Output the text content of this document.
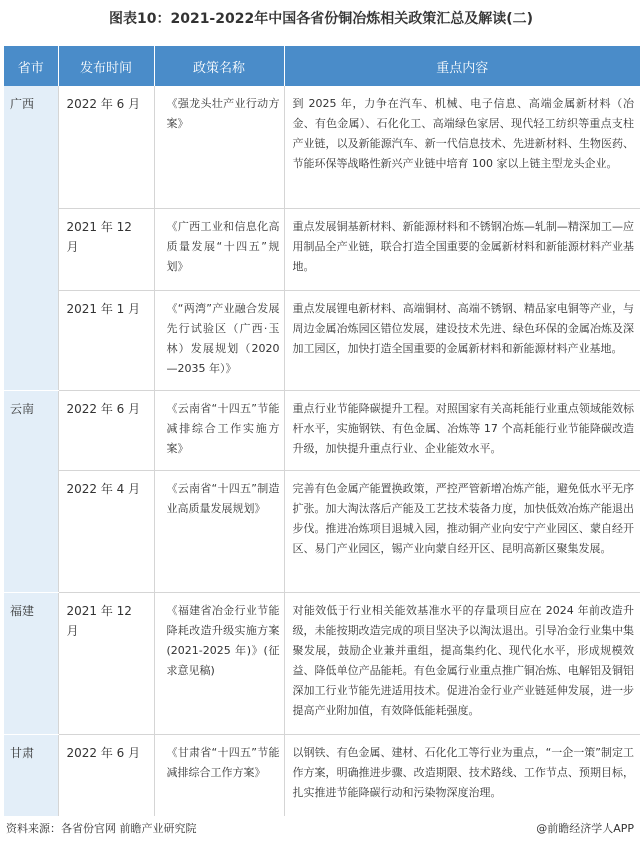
图表10：2021-2022年中国各省份铜冶炼相关政策汇总及解读(二)
省市	发布时间	政策名称	重点内容
广西	2022 年 6 月	《强龙头壮产业行动方案》	到 2025 年，力争在汽车、机械、电子信息、高端金属新材料（冶金、有色金属）、石化化工、高端绿色家居、现代轻工纺织等重点支柱产业链，以及新能源汽车、新一代信息技术、先进新材料、生物医药、节能环保等战略性新兴产业链中培育 100 家以上链主型龙头企业。
	2021 年 12 月	《广西工业和信息化高质量发展“十四五”规划》	重点发展铜基新材料、新能源材料和不锈钢冶炼—轧制—精深加工—应用制品全产业链，联合打造全国重要的金属新材料和新能源材料产业基地。
	2021 年 1 月	《“两湾”产业融合发展先行试验区（广西·玉林）发展规划（2020—2035 年）》	重点发展锂电新材料、高端铜材、高端不锈钢、精品家电铜等产业，与周边金属冶炼园区错位发展，建设技术先进、绿色环保的金属冶炼及深加工园区，加快打造全国重要的金属新材料和新能源材料产业基地。
云南	2022 年 6 月	《云南省“十四五”节能减排综合工作实施方案》	重点行业节能降碳提升工程。对照国家有关高耗能行业重点领域能效标杆水平，实施钢铁、有色金属、冶炼等 17 个高耗能行业节能降碳改造升级，加快提升重点行业、企业能效水平。
	2022 年 4 月	《云南省“十四五”制造业高质量发展规划》	完善有色金属产能置换政策，严控严管新增冶炼产能，避免低水平无序扩张。加大淘汰落后产能及工艺技术装备力度，加快低效冶炼产能退出步伐。推进冶炼项目退城入园，推动铜产业向安宁产业园区、蒙自经开区、易门产业园区，锡产业向蒙自经开区、昆明高新区聚集发展。
福建	2021 年 12 月	《福建省冶金行业节能降耗改造升级实施方案(2021-2025 年)》(征求意见稿)	对能效低于行业相关能效基准水平的存量项目应在 2024 年前改造升级，未能按期改造完成的项目坚决予以淘汰退出。引导冶金行业集中集聚发展，鼓励企业兼并重组，提高集约化、现代化水平，形成规模效益、降低单位产品能耗。有色金属行业重点推广铜冶炼、电解铝及铜铝深加工行业节能先进适用技术。促进冶金行业产业链延伸发展，进一步提高产业附加值，有效降低能耗强度。
甘肃	2022 年 6 月	《甘肃省“十四五”节能减排综合工作方案》	以钢铁、有色金属、建材、石化化工等行业为重点，“一企一策”制定工作方案，明确推进步骤、改造期限、技术路线、工作节点、预期目标，扎实推进节能降碳行动和污染物深度治理。
资料来源：各省份官网 前瞻产业研究院	@前瞻经济学人APP
